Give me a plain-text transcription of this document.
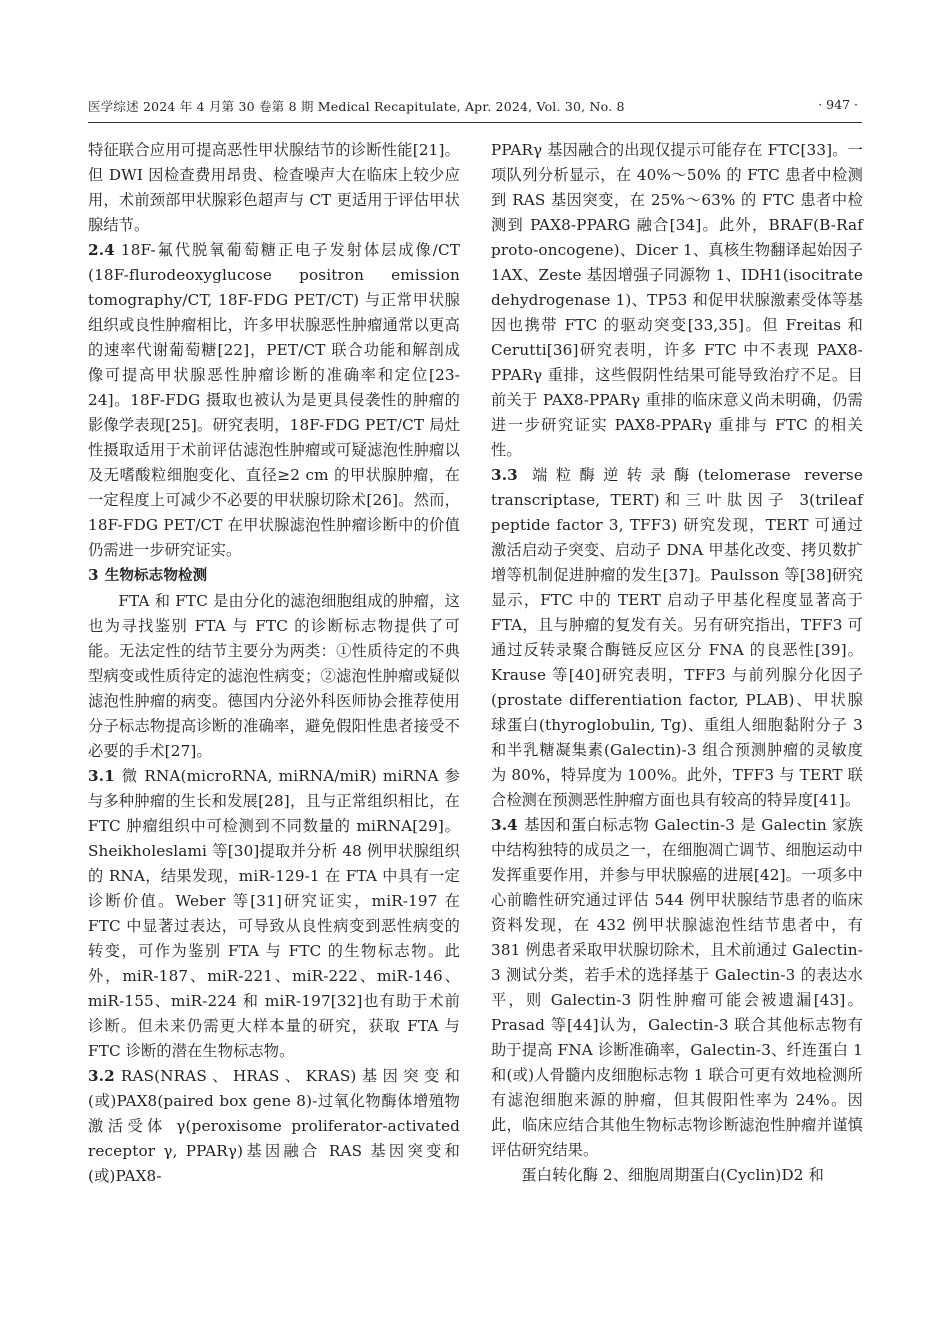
医学综述 2024 年 4 月第 30 卷第 8 期 Medical Recapitulate, Apr. 2024, Vol. 30, No. 8	· 947 ·

特征联合应用可提高恶性甲状腺结节的诊断性能[21]。但 DWI 因检查费用昂贵、检查噪声大在临床上较少应用，术前颈部甲状腺彩色超声与 CT 更适用于评估甲状腺结节。

2.4 18F-氟代脱氧葡萄糖正电子发射体层成像/CT (18F-flurodeoxyglucose positron emission tomography/CT, 18F-FDG PET/CT) 与正常甲状腺组织或良性肿瘤相比，许多甲状腺恶性肿瘤通常以更高的速率代谢葡萄糖[22]，PET/CT 联合功能和解剖成像可提高甲状腺恶性肿瘤诊断的准确率和定位[23-24]。18F-FDG 摄取也被认为是更具侵袭性的肿瘤的影像学表现[25]。研究表明，18F-FDG PET/CT 局灶性摄取适用于术前评估滤泡性肿瘤或可疑滤泡性肿瘤以及无嗜酸粒细胞变化、直径≥2 cm 的甲状腺肿瘤，在一定程度上可减少不必要的甲状腺切除术[26]。然而，18F-FDG PET/CT 在甲状腺滤泡性肿瘤诊断中的价值仍需进一步研究证实。

3 生物标志物检测

FTA 和 FTC 是由分化的滤泡细胞组成的肿瘤，这也为寻找鉴别 FTA 与 FTC 的诊断标志物提供了可能。无法定性的结节主要分为两类：①性质待定的不典型病变或性质待定的滤泡性病变；②滤泡性肿瘤或疑似滤泡性肿瘤的病变。德国内分泌外科医师协会推荐使用分子标志物提高诊断的准确率，避免假阳性患者接受不必要的手术[27]。

3.1 微 RNA(microRNA, miRNA/miR) miRNA 参与多种肿瘤的生长和发展[28]，且与正常组织相比，在 FTC 肿瘤组织中可检测到不同数量的 miRNA[29]。Sheikholeslami 等[30]提取并分析 48 例甲状腺组织的 RNA，结果发现，miR-129-1 在 FTA 中具有一定诊断价值。Weber 等[31]研究证实，miR-197 在 FTC 中显著过表达，可导致从良性病变到恶性病变的转变，可作为鉴别 FTA 与 FTC 的生物标志物。此外，miR-187、miR-221、miR-222、miR-146、miR-155、miR-224 和 miR-197[32]也有助于术前诊断。但未来仍需更大样本量的研究，获取 FTA 与 FTC 诊断的潜在生物标志物。

3.2 RAS(NRAS、HRAS、KRAS)基因突变和(或)PAX8(paired box gene 8)-过氧化物酶体增殖物激活受体 γ(peroxisome proliferator-activated receptor γ, PPARγ)基因融合 RAS 基因突变和(或)PAX8-

PPARγ 基因融合的出现仅提示可能存在 FTC[33]。一项队列分析显示，在 40%～50% 的 FTC 患者中检测到 RAS 基因突变，在 25%～63% 的 FTC 患者中检测到 PAX8-PPARG 融合[34]。此外，BRAF(B-Raf proto-oncogene)、Dicer 1、真核生物翻译起始因子 1AX、Zeste 基因增强子同源物 1、IDH1(isocitrate dehydrogenase 1)、TP53 和促甲状腺激素受体等基因也携带 FTC 的驱动突变[33,35]。但 Freitas 和 Cerutti[36]研究表明，许多 FTC 中不表现 PAX8-PPARγ 重排，这些假阴性结果可能导致治疗不足。目前关于 PAX8-PPARγ 重排的临床意义尚未明确，仍需进一步研究证实 PAX8-PPARγ 重排与 FTC 的相关性。

3.3 端粒酶逆转录酶(telomerase reverse transcriptase, TERT)和三叶肽因子 3(trileaf peptide factor 3, TFF3) 研究发现，TERT 可通过激活启动子突变、启动子 DNA 甲基化改变、拷贝数扩增等机制促进肿瘤的发生[37]。Paulsson 等[38]研究显示，FTC 中的 TERT 启动子甲基化程度显著高于 FTA，且与肿瘤的复发有关。另有研究指出，TFF3 可通过反转录聚合酶链反应区分 FNA 的良恶性[39]。Krause 等[40]研究表明，TFF3 与前列腺分化因子(prostate differentiation factor, PLAB)、甲状腺球蛋白(thyroglobulin, Tg)、重组人细胞黏附分子 3 和半乳糖凝集素(Galectin)-3 组合预测肿瘤的灵敏度为 80%，特异度为 100%。此外，TFF3 与 TERT 联合检测在预测恶性肿瘤方面也具有较高的特异度[41]。

3.4 基因和蛋白标志物 Galectin-3 是 Galectin 家族中结构独特的成员之一，在细胞凋亡调节、细胞运动中发挥重要作用，并参与甲状腺癌的进展[42]。一项多中心前瞻性研究通过评估 544 例甲状腺结节患者的临床资料发现，在 432 例甲状腺滤泡性结节患者中，有 381 例患者采取甲状腺切除术，且术前通过 Galectin-3 测试分类，若手术的选择基于 Galectin-3 的表达水平，则 Galectin-3 阴性肿瘤可能会被遗漏[43]。Prasad 等[44]认为，Galectin-3 联合其他标志物有助于提高 FNA 诊断准确率，Galectin-3、纤连蛋白 1 和(或)人骨髓内皮细胞标志物 1 联合可更有效地检测所有滤泡细胞来源的肿瘤，但其假阳性率为 24%。因此，临床应结合其他生物标志物诊断滤泡性肿瘤并谨慎评估研究结果。

蛋白转化酶 2、细胞周期蛋白(Cyclin)D2 和
